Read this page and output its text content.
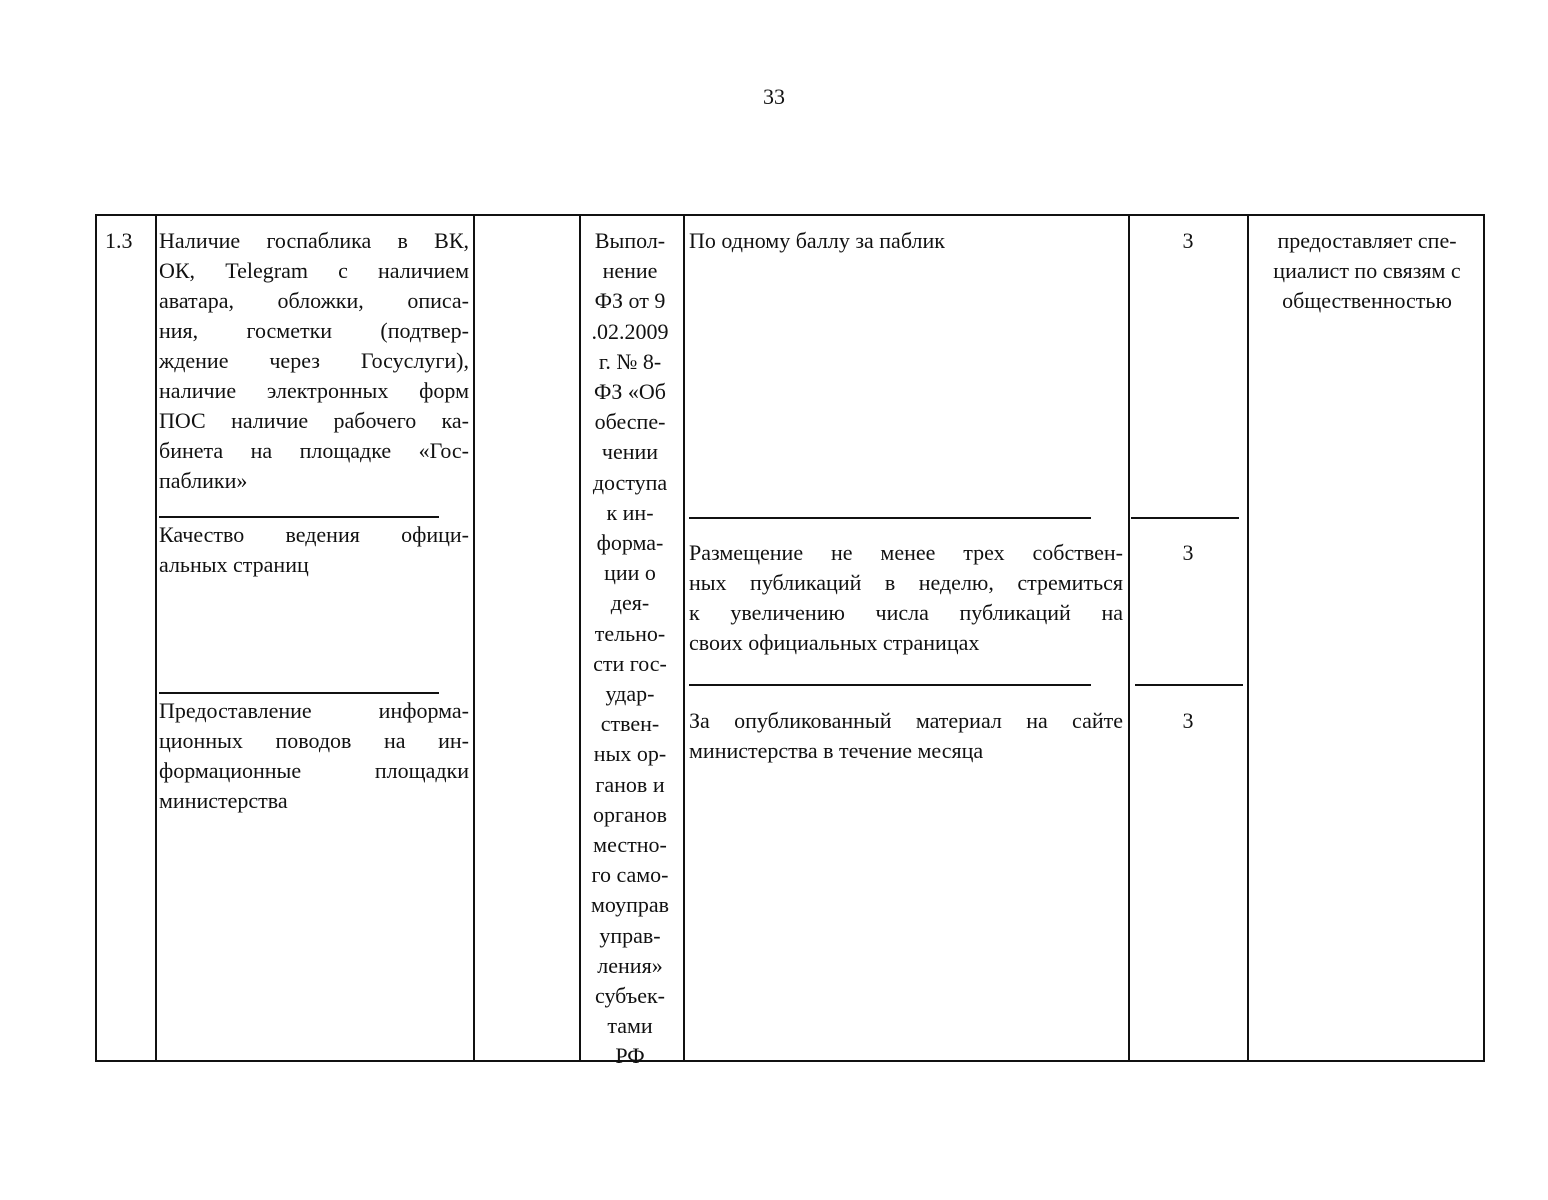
33
1.3 Наличие госпаблика в ВК,
ОК, Telegram с наличием
аватара, обложки, описа-
ния, госметки (подтвер-
ждение через Госуслуги),
наличие электронных форм
ПОС наличие рабочего ка-
бинета на площадке «Гос-
паблики»
Качество ведения офици-
альных страниц
Предоставление информа-
ционных поводов на ин-
формационные площадки
министерства
Выпол-
нение
ФЗ от 9
.02.2009
г. № 8-
ФЗ «Об
обеспе-
чении
доступа
к ин-
форма-
ции о
дея-
тельно-
сти гос-
удар-
ствен-
ных ор-
ганов и
органов
местно-
го само-
моуправ
управ-
ления»
субъек-
тами
РФ
По одному баллу за паблик
Размещение не менее трех собствен-
ных публикаций в неделю, стремиться
к увеличению числа публикаций на
своих официальных страницах
За опубликованный материал на сайте
министерства в течение месяца
3
3
3
предоставляет спе-
циалист по связям с
общественностью
